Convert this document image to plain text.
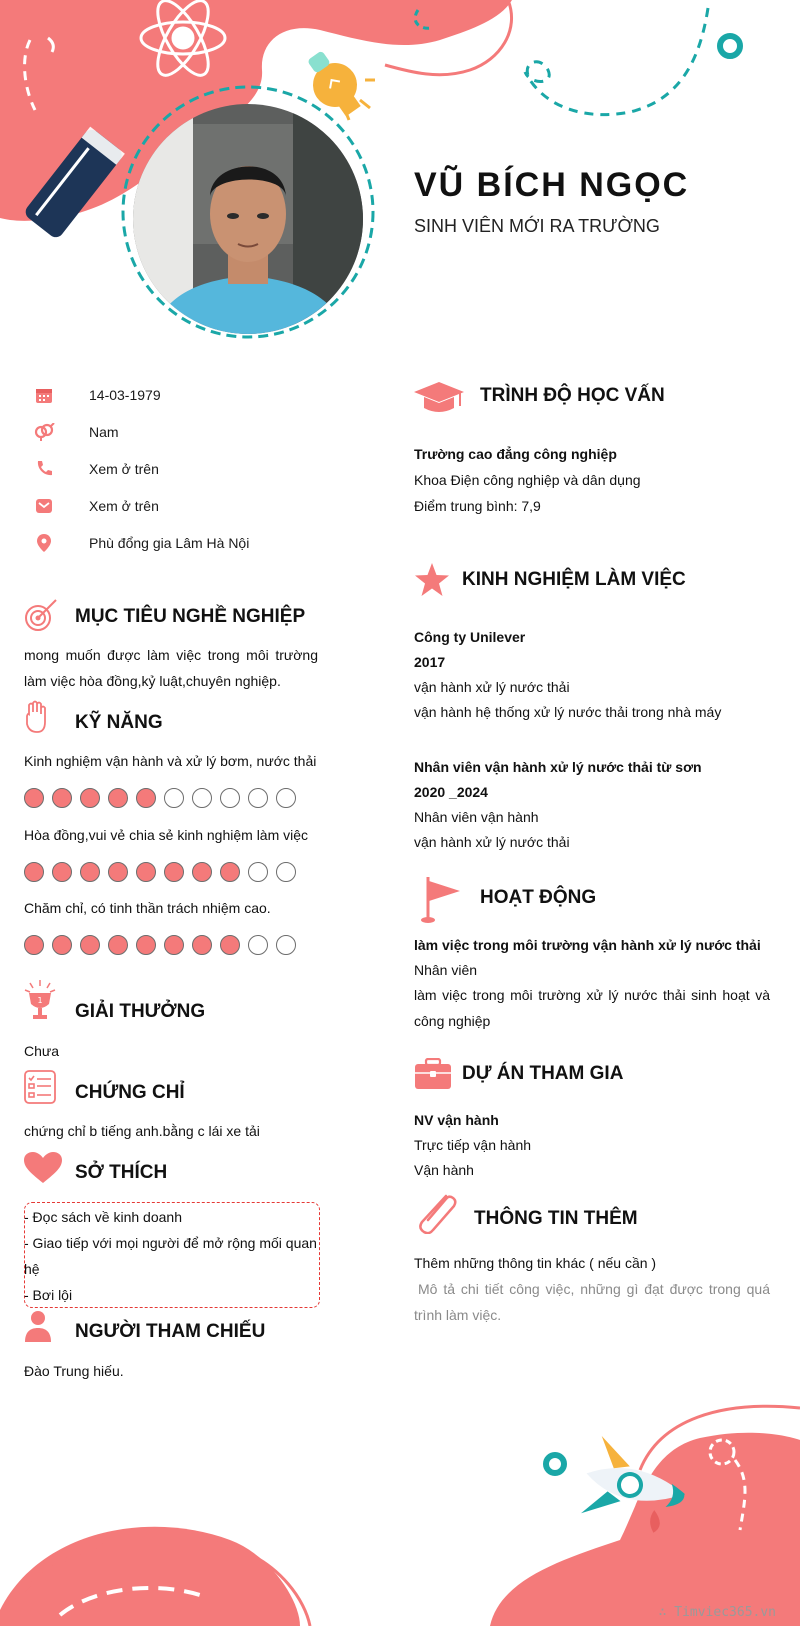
VŨ BÍCH NGỌC
SINH VIÊN MỚI RA TRƯỜNG
14-03-1979
Nam
Xem ở trên
Xem ở trên
Phù đổng gia Lâm Hà Nội
MỤC TIÊU NGHỀ NGHIỆP
mong muốn được làm việc trong môi trường làm việc hòa đồng,kỷ luật,chuyên nghiệp.
KỸ NĂNG
Kinh nghiệm vận hành và xử lý bơm, nước thải
Hòa đồng,vui vẻ chia sẻ kinh nghiệm làm việc
Chăm chỉ, có tinh thần trách nhiệm cao.
1
GIẢI THƯỞNG
Chưa
CHỨNG CHỈ
chứng chỉ b tiếng anh.bằng c lái xe tải
SỞ THÍCH
- Đọc sách về kinh doanh
- Giao tiếp với mọi người để mở rộng mối quan hệ
- Bơi lội
NGƯỜI THAM CHIẾU
Đào Trung hiếu.
TRÌNH ĐỘ HỌC VẤN
Trường cao đẳng công nghiệp
Khoa Điện công nghiệp và dân dụng
Điểm trung bình: 7,9
KINH NGHIỆM LÀM VIỆC
Công ty Unilever
2017
vận hành xử lý nước thải
vận hành hệ thống xử lý nước thải trong nhà máy
Nhân viên vận hành xử lý nước thải từ sơn
2020 _2024
Nhân viên vận hành
vận hành xử lý nước thải
HOẠT ĐỘNG
làm việc trong môi trường vận hành xử lý nước thải
Nhân viên
làm việc trong môi trường xử lý nước thải sinh hoạt và công nghiệp
DỰ ÁN THAM GIA
NV vận hành
Trực tiếp vận hành
Vận hành
THÔNG TIN THÊM
Thêm những thông tin khác ( nếu cần )
Mô tả chi tiết công việc, những gì đạt được trong quá trình làm việc.
∴ Timviec365.vn
